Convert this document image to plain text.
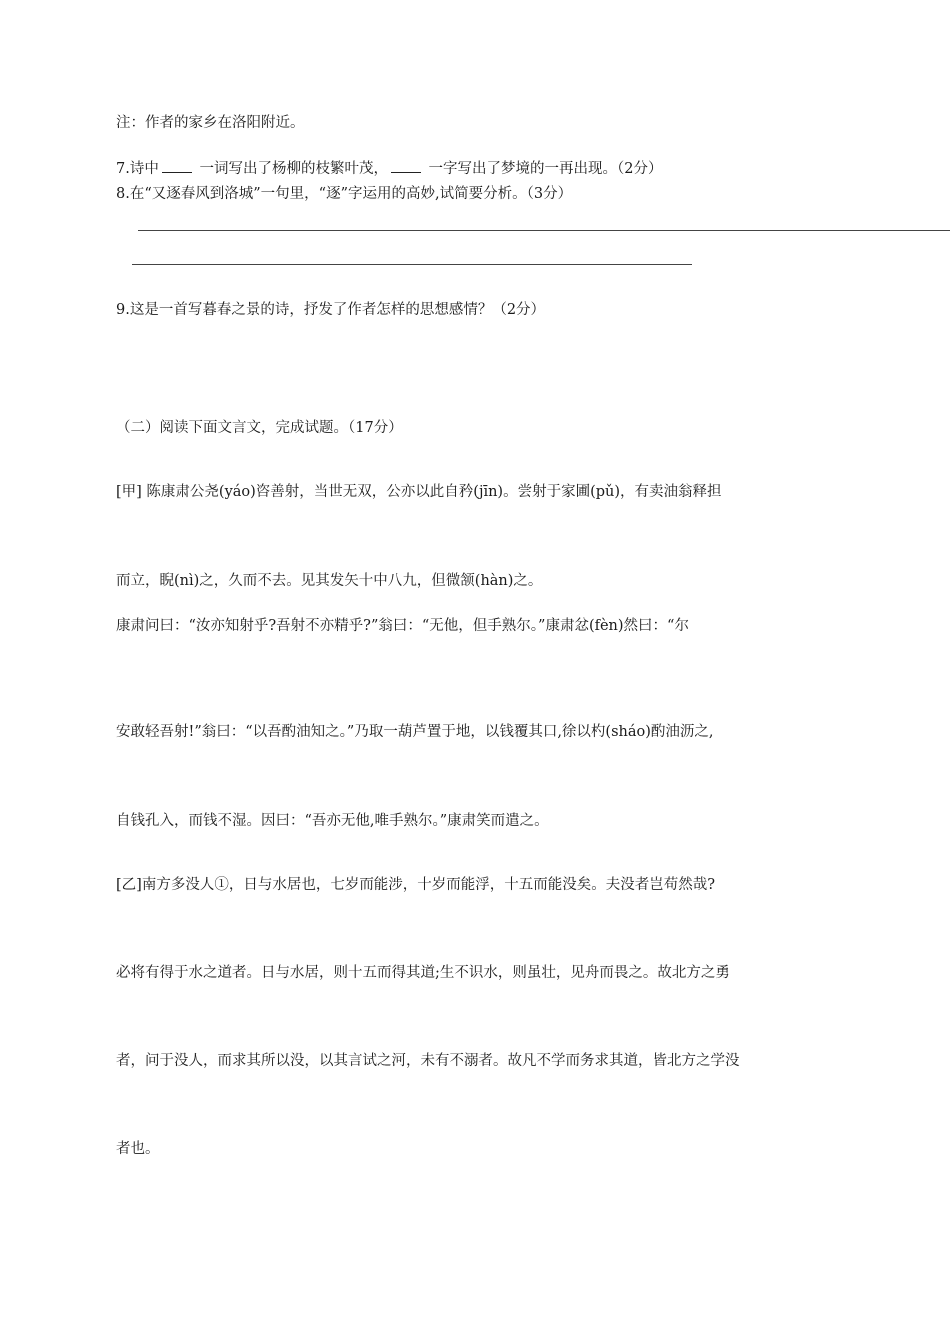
注：作者的家乡在洛阳附近。
7.诗中 一词写出了杨柳的枝繁叶茂， 一字写出了梦境的一再出现。（2分）
8.在“又逐春风到洛城”一句里，“逐”字运用的高妙,试简要分析。（3分）
9.这是一首写暮春之景的诗，抒发了作者怎样的思想感情？（2分）
（二）阅读下面文言文，完成试题。（17分）
[甲] 陈康肃公尧(yáo)咨善射，当世无双，公亦以此自矜(jīn)。尝射于家圃(pǔ)，有卖油翁释担
而立，睨(nì)之，久而不去。见其发矢十中八九，但微颔(hàn)之。
康肃问曰：“汝亦知射乎?吾射不亦精乎?”翁曰：“无他，但手熟尔。”康肃忿(fèn)然曰：“尔
安敢轻吾射!”翁曰：“以吾酌油知之。”乃取一葫芦置于地，以钱覆其口,徐以杓(sháo)酌油沥之,
自钱孔入，而钱不湿。因曰：“吾亦无他,唯手熟尔。”康肃笑而遣之。
[乙]南方多没人①，日与水居也，七岁而能涉，十岁而能浮，十五而能没矣。夫没者岂苟然哉?
必将有得于水之道者。日与水居，则十五而得其道;生不识水，则虽壮，见舟而畏之。故北方之勇
者，问于没人，而求其所以没，以其言试之河，未有不溺者。故凡不学而务求其道，皆北方之学没
者也。
